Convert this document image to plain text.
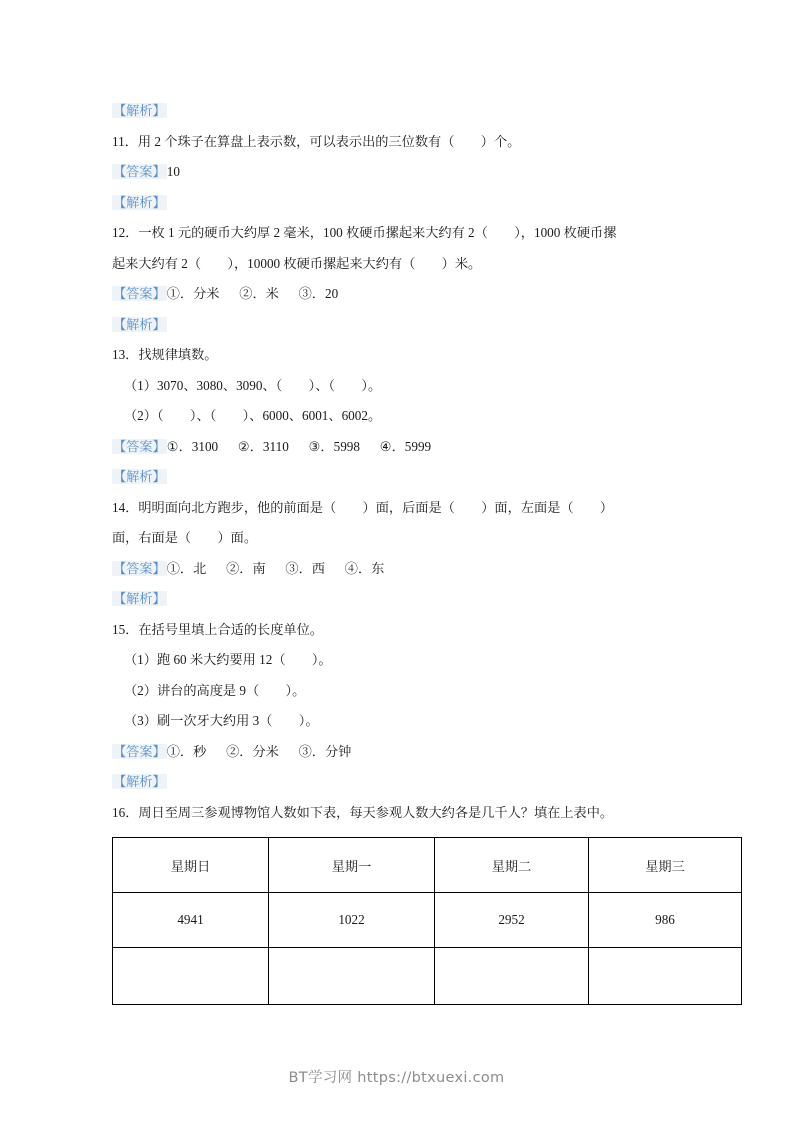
【解析】
11．用 2 个珠子在算盘上表示数，可以表示出的三位数有（        ）个。
【答案】10
【解析】
12．一枚 1 元的硬币大约厚 2 毫米，100 枚硬币摞起来大约有 2（        ），1000 枚硬币摞
起来大约有 2（        ），10000 枚硬币摞起来大约有（        ）米。
【答案】①．分米      ②．米      ③．20
【解析】
13．找规律填数。
（1）3070、3080、3090、（        ）、（        ）。
（2）（        ）、（        ）、6000、6001、6002。
【答案】①．3100      ②．3110      ③．5998      ④．5999
【解析】
14．明明面向北方跑步，他的前面是（        ）面，后面是（        ）面，左面是（        ）
面，右面是（        ）面。
【答案】①．北      ②．南      ③．西      ④．东
【解析】
15．在括号里填上合适的长度单位。
（1）跑 60 米大约要用 12（        ）。
（2）讲台的高度是 9（        ）。
（3）刷一次牙大约用 3（        ）。
【答案】①．秒      ②．分米      ③．分钟
【解析】
16．周日至周三参观博物馆人数如下表，每天参观人数大约各是几千人？填在上表中。
星期日	星期一	星期二	星期三
4941	1022	2952	986

BT学习网 https://btxuexi.com
